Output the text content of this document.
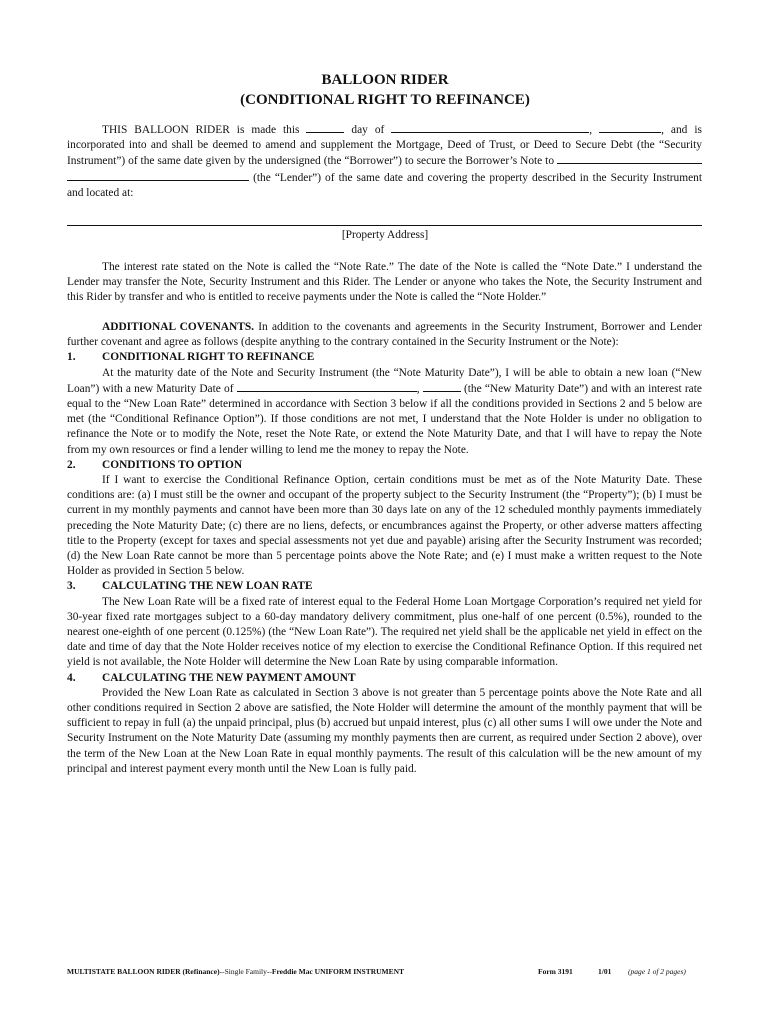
BALLOON RIDER
(CONDITIONAL RIGHT TO REFINANCE)
THIS BALLOON RIDER is made this	day of	,	, and is incorporated into and shall be deemed to amend and supplement the Mortgage, Deed of Trust, or Deed to Secure Debt (the “Security Instrument”) of the same date given by the undersigned (the “Borrower”) to secure the Borrower’s Note to   (the “Lender”) of the same date and covering the property described in the Security Instrument and located at:
[Property Address]
The interest rate stated on the Note is called the “Note Rate.” The date of the Note is called the “Note Date.” I understand the Lender may transfer the Note, Security Instrument and this Rider. The Lender or anyone who takes the Note, the Security Instrument and this Rider by transfer and who is entitled to receive payments under the Note is called the “Note Holder.”

ADDITIONAL COVENANTS. In addition to the covenants and agreements in the Security Instrument, Borrower and Lender further covenant and agree as follows (despite anything to the contrary contained in the Security Instrument or the Note):

1. CONDITIONAL RIGHT TO REFINANCE

At the maturity date of the Note and Security Instrument (the “Note Maturity Date”), I will be able to obtain a new loan (“New Loan”) with a new Maturity Date of	,	(the “New Maturity Date”) and with an interest rate equal to the “New Loan Rate” determined in accordance with Section 3 below if all the conditions provided in Sections 2 and 5 below are met (the “Conditional Refinance Option”). If those conditions are not met, I understand that the Note Holder is under no obligation to refinance the Note or to modify the Note, reset the Note Rate, or extend the Note Maturity Date, and that I will have to repay the Note from my own resources or find a lender willing to lend me the money to repay the Note.

2. CONDITIONS TO OPTION

If I want to exercise the Conditional Refinance Option, certain conditions must be met as of the Note Maturity Date. These conditions are: (a) I must still be the owner and occupant of the property subject to the Security Instrument (the “Property”); (b) I must be current in my monthly payments and cannot have been more than 30 days late on any of the 12 scheduled monthly payments immediately preceding the Note Maturity Date; (c) there are no liens, defects, or encumbrances against the Property, or other adverse matters affecting title to the Property (except for taxes and special assessments not yet due and payable) arising after the Security Instrument was recorded; (d) the New Loan Rate cannot be more than 5 percentage points above the Note Rate; and (e) I must make a written request to the Note Holder as provided in Section 5 below.

3. CALCULATING THE NEW LOAN RATE

The New Loan Rate will be a fixed rate of interest equal to the Federal Home Loan Mortgage Corporation’s required net yield for 30-year fixed rate mortgages subject to a 60-day mandatory delivery commitment, plus one-half of one percent (0.5%), rounded to the nearest one-eighth of one percent (0.125%) (the “New Loan Rate”). The required net yield shall be the applicable net yield in effect on the date and time of day that the Note Holder receives notice of my election to exercise the Conditional Refinance Option. If this required net yield is not available, the Note Holder will determine the New Loan Rate by using comparable information.

4. CALCULATING THE NEW PAYMENT AMOUNT

Provided the New Loan Rate as calculated in Section 3 above is not greater than 5 percentage points above the Note Rate and all other conditions required in Section 2 above are satisfied, the Note Holder will determine the amount of the monthly payment that will be sufficient to repay in full (a) the unpaid principal, plus (b) accrued but unpaid interest, plus (c) all other sums I will owe under the Note and Security Instrument on the Note Maturity Date (assuming my monthly payments then are current, as required under Section 2 above), over the term of the New Loan at the New Loan Rate in equal monthly payments. The result of this calculation will be the new amount of my principal and interest payment every month until the New Loan is fully paid.

MULTISTATE BALLOON RIDER (Refinance)--Single Family--Freddie Mac UNIFORM INSTRUMENT	Form 3191	1/01 (page 1 of 2 pages)
